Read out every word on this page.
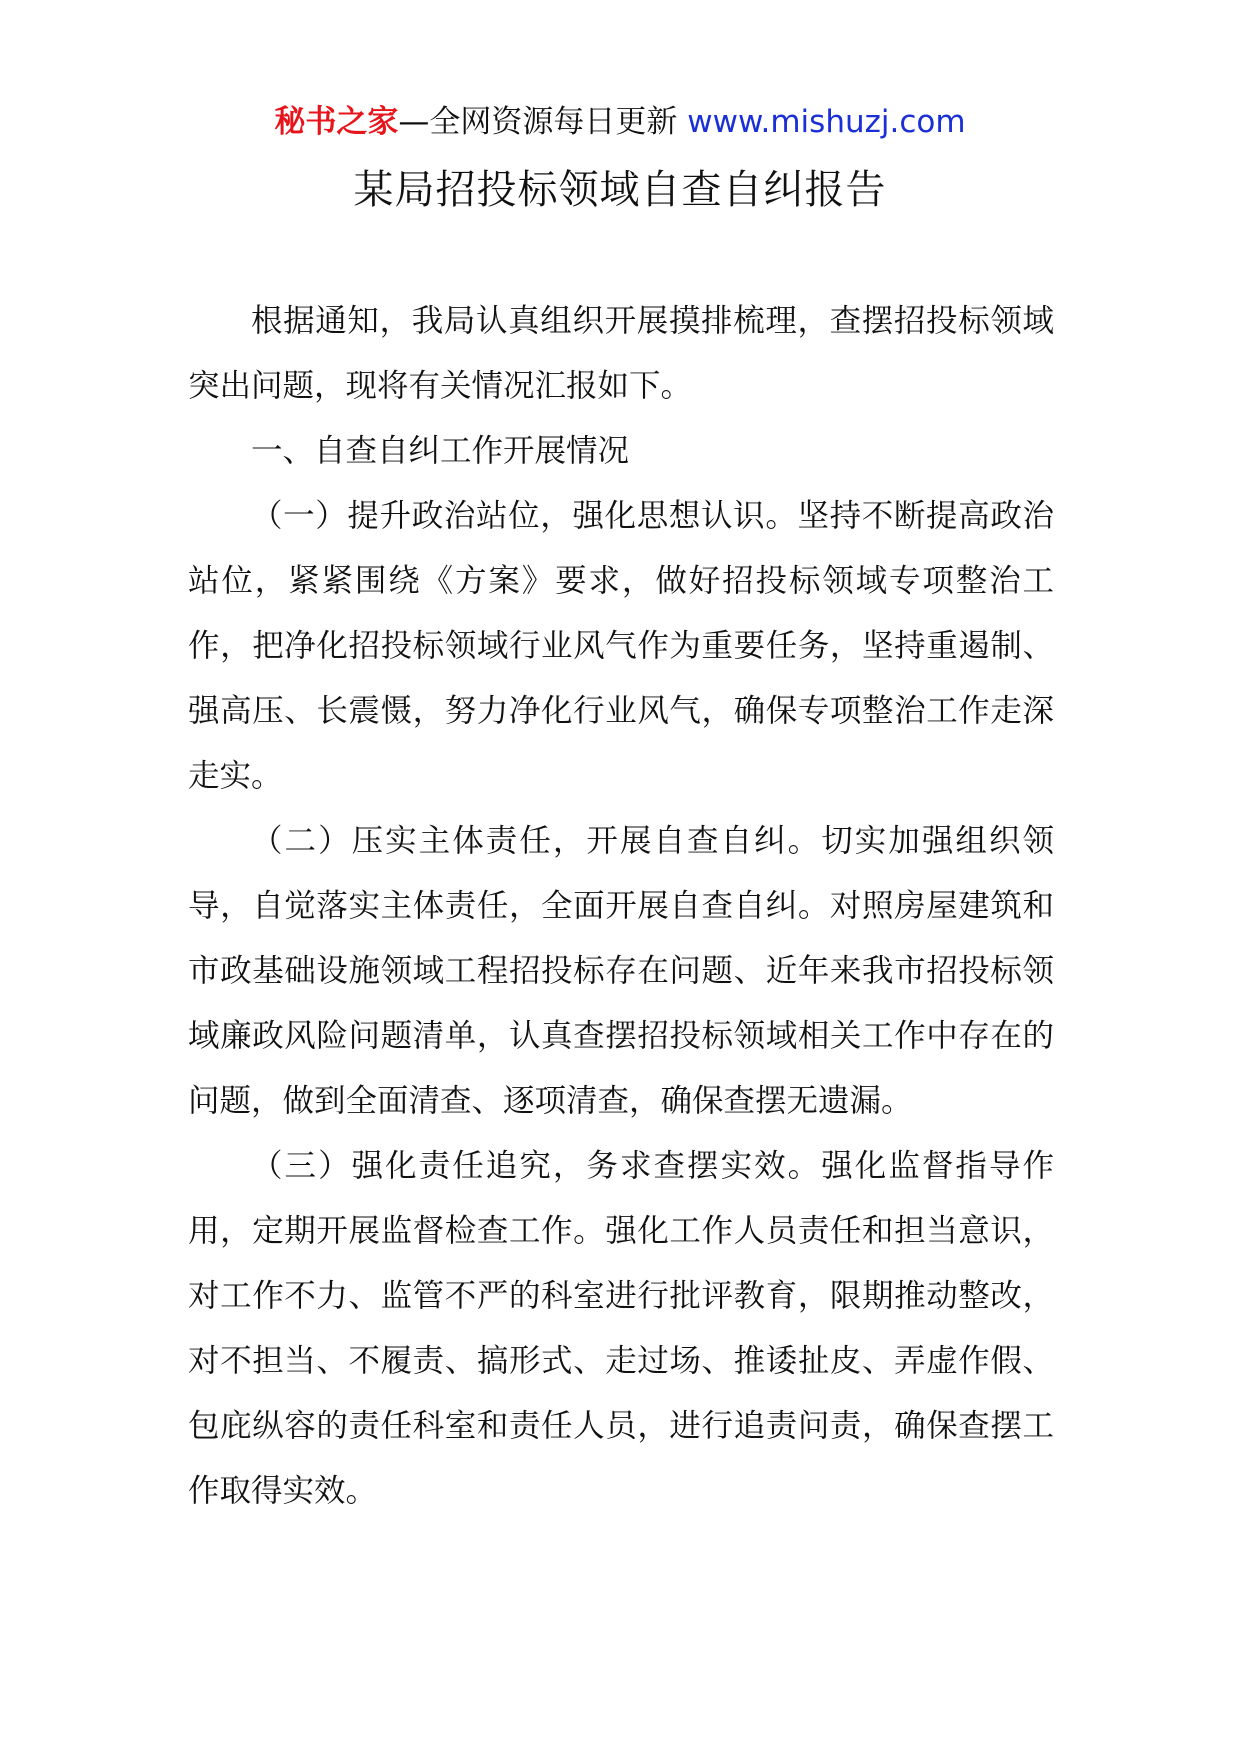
秘书之家—全网资源每日更新 www.mishuzj.com
某局招投标领域自查自纠报告

根据通知，我局认真组织开展摸排梳理，查摆招投标领域突出问题，现将有关情况汇报如下。

一、自查自纠工作开展情况

（一）提升政治站位，强化思想认识。坚持不断提高政治站位，紧紧围绕《方案》要求，做好招投标领域专项整治工作，把净化招投标领域行业风气作为重要任务，坚持重遏制、强高压、长震慑，努力净化行业风气，确保专项整治工作走深走实。

（二）压实主体责任，开展自查自纠。切实加强组织领导，自觉落实主体责任，全面开展自查自纠。对照房屋建筑和市政基础设施领域工程招投标存在问题、近年来我市招投标领域廉政风险问题清单，认真查摆招投标领域相关工作中存在的问题，做到全面清查、逐项清查，确保查摆无遗漏。

（三）强化责任追究，务求查摆实效。强化监督指导作用，定期开展监督检查工作。强化工作人员责任和担当意识，对工作不力、监管不严的科室进行批评教育，限期推动整改，对不担当、不履责、搞形式、走过场、推诿扯皮、弄虚作假、包庇纵容的责任科室和责任人员，进行追责问责，确保查摆工作取得实效。
